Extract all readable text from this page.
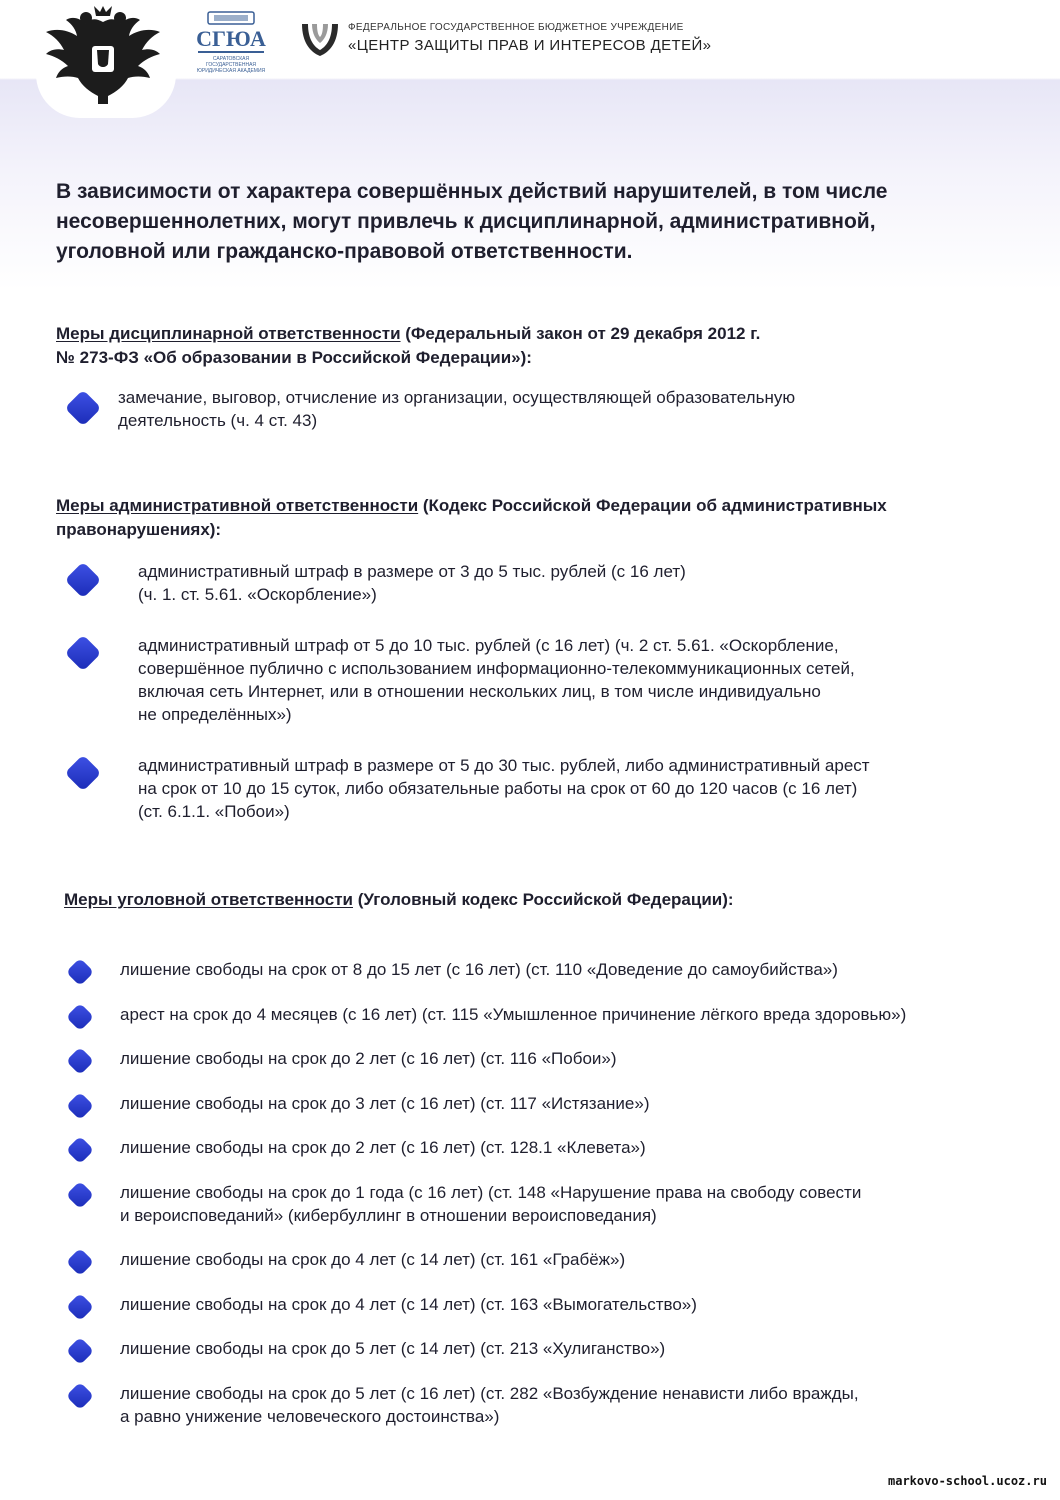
СГЮА
САРАТОВСКАЯ ГОСУДАРСТВЕННАЯ ЮРИДИЧЕСКАЯ АКАДЕМИЯ
ФЕДЕРАЛЬНОЕ ГОСУДАРСТВЕННОЕ БЮДЖЕТНОЕ УЧРЕЖДЕНИЕ
«ЦЕНТР ЗАЩИТЫ ПРАВ И ИНТЕРЕСОВ ДЕТЕЙ»
В зависимости от характера совершённых действий нарушителей, в том числе
несовершеннолетних, могут привлечь к дисциплинарной, административной,
уголовной или гражданско-правовой ответственности.
Меры дисциплинарной ответственности (Федеральный закон от 29 декабря 2012 г.
№ 273-ФЗ «Об образовании в Российской Федерации»):
замечание, выговор, отчисление из организации, осуществляющей образовательную
деятельность (ч. 4 ст. 43)
Меры административной ответственности (Кодекс Российской Федерации об административных
правонарушениях):
административный штраф в размере от 3 до 5 тыс. рублей (с 16 лет)
(ч. 1. ст. 5.61. «Оскорбление»)
административный штраф от 5 до 10 тыс. рублей (с 16 лет) (ч. 2 ст. 5.61. «Оскорбление,
совершённое публично с использованием информационно-телекоммуникационных сетей,
включая сеть Интернет, или в отношении нескольких лиц, в том числе индивидуально
не определённых»)
административный штраф в размере от 5 до 30 тыс. рублей, либо административный арест
на срок от 10 до 15 суток, либо обязательные работы на срок от 60 до 120 часов (с 16 лет)
(ст. 6.1.1. «Побои»)
Меры уголовной ответственности (Уголовный кодекс Российской Федерации):
лишение свободы на срок от 8 до 15 лет (с 16 лет) (ст. 110 «Доведение до самоубийства»)
арест на срок до 4 месяцев (с 16 лет) (ст. 115 «Умышленное причинение лёгкого вреда здоровью»)
лишение свободы на срок до 2 лет (с 16 лет) (ст. 116 «Побои»)
лишение свободы на срок до 3 лет (с 16 лет) (ст. 117 «Истязание»)
лишение свободы на срок до 2 лет (с 16 лет) (ст. 128.1 «Клевета»)
лишение свободы на срок до 1 года (с 16 лет) (ст. 148 «Нарушение права на свободу совести
и вероисповеданий» (кибербуллинг в отношении вероисповедания)
лишение свободы на срок до 4 лет (с 14 лет) (ст. 161 «Грабёж»)
лишение свободы на срок до 4 лет (с 14 лет) (ст. 163 «Вымогательство»)
лишение свободы на срок до 5 лет (с 14 лет) (ст. 213 «Хулиганство»)
лишение свободы на срок до 5 лет (с 16 лет) (ст. 282 «Возбуждение ненависти либо вражды,
а равно унижение человеческого достоинства»)
markovo-school.ucoz.ru
